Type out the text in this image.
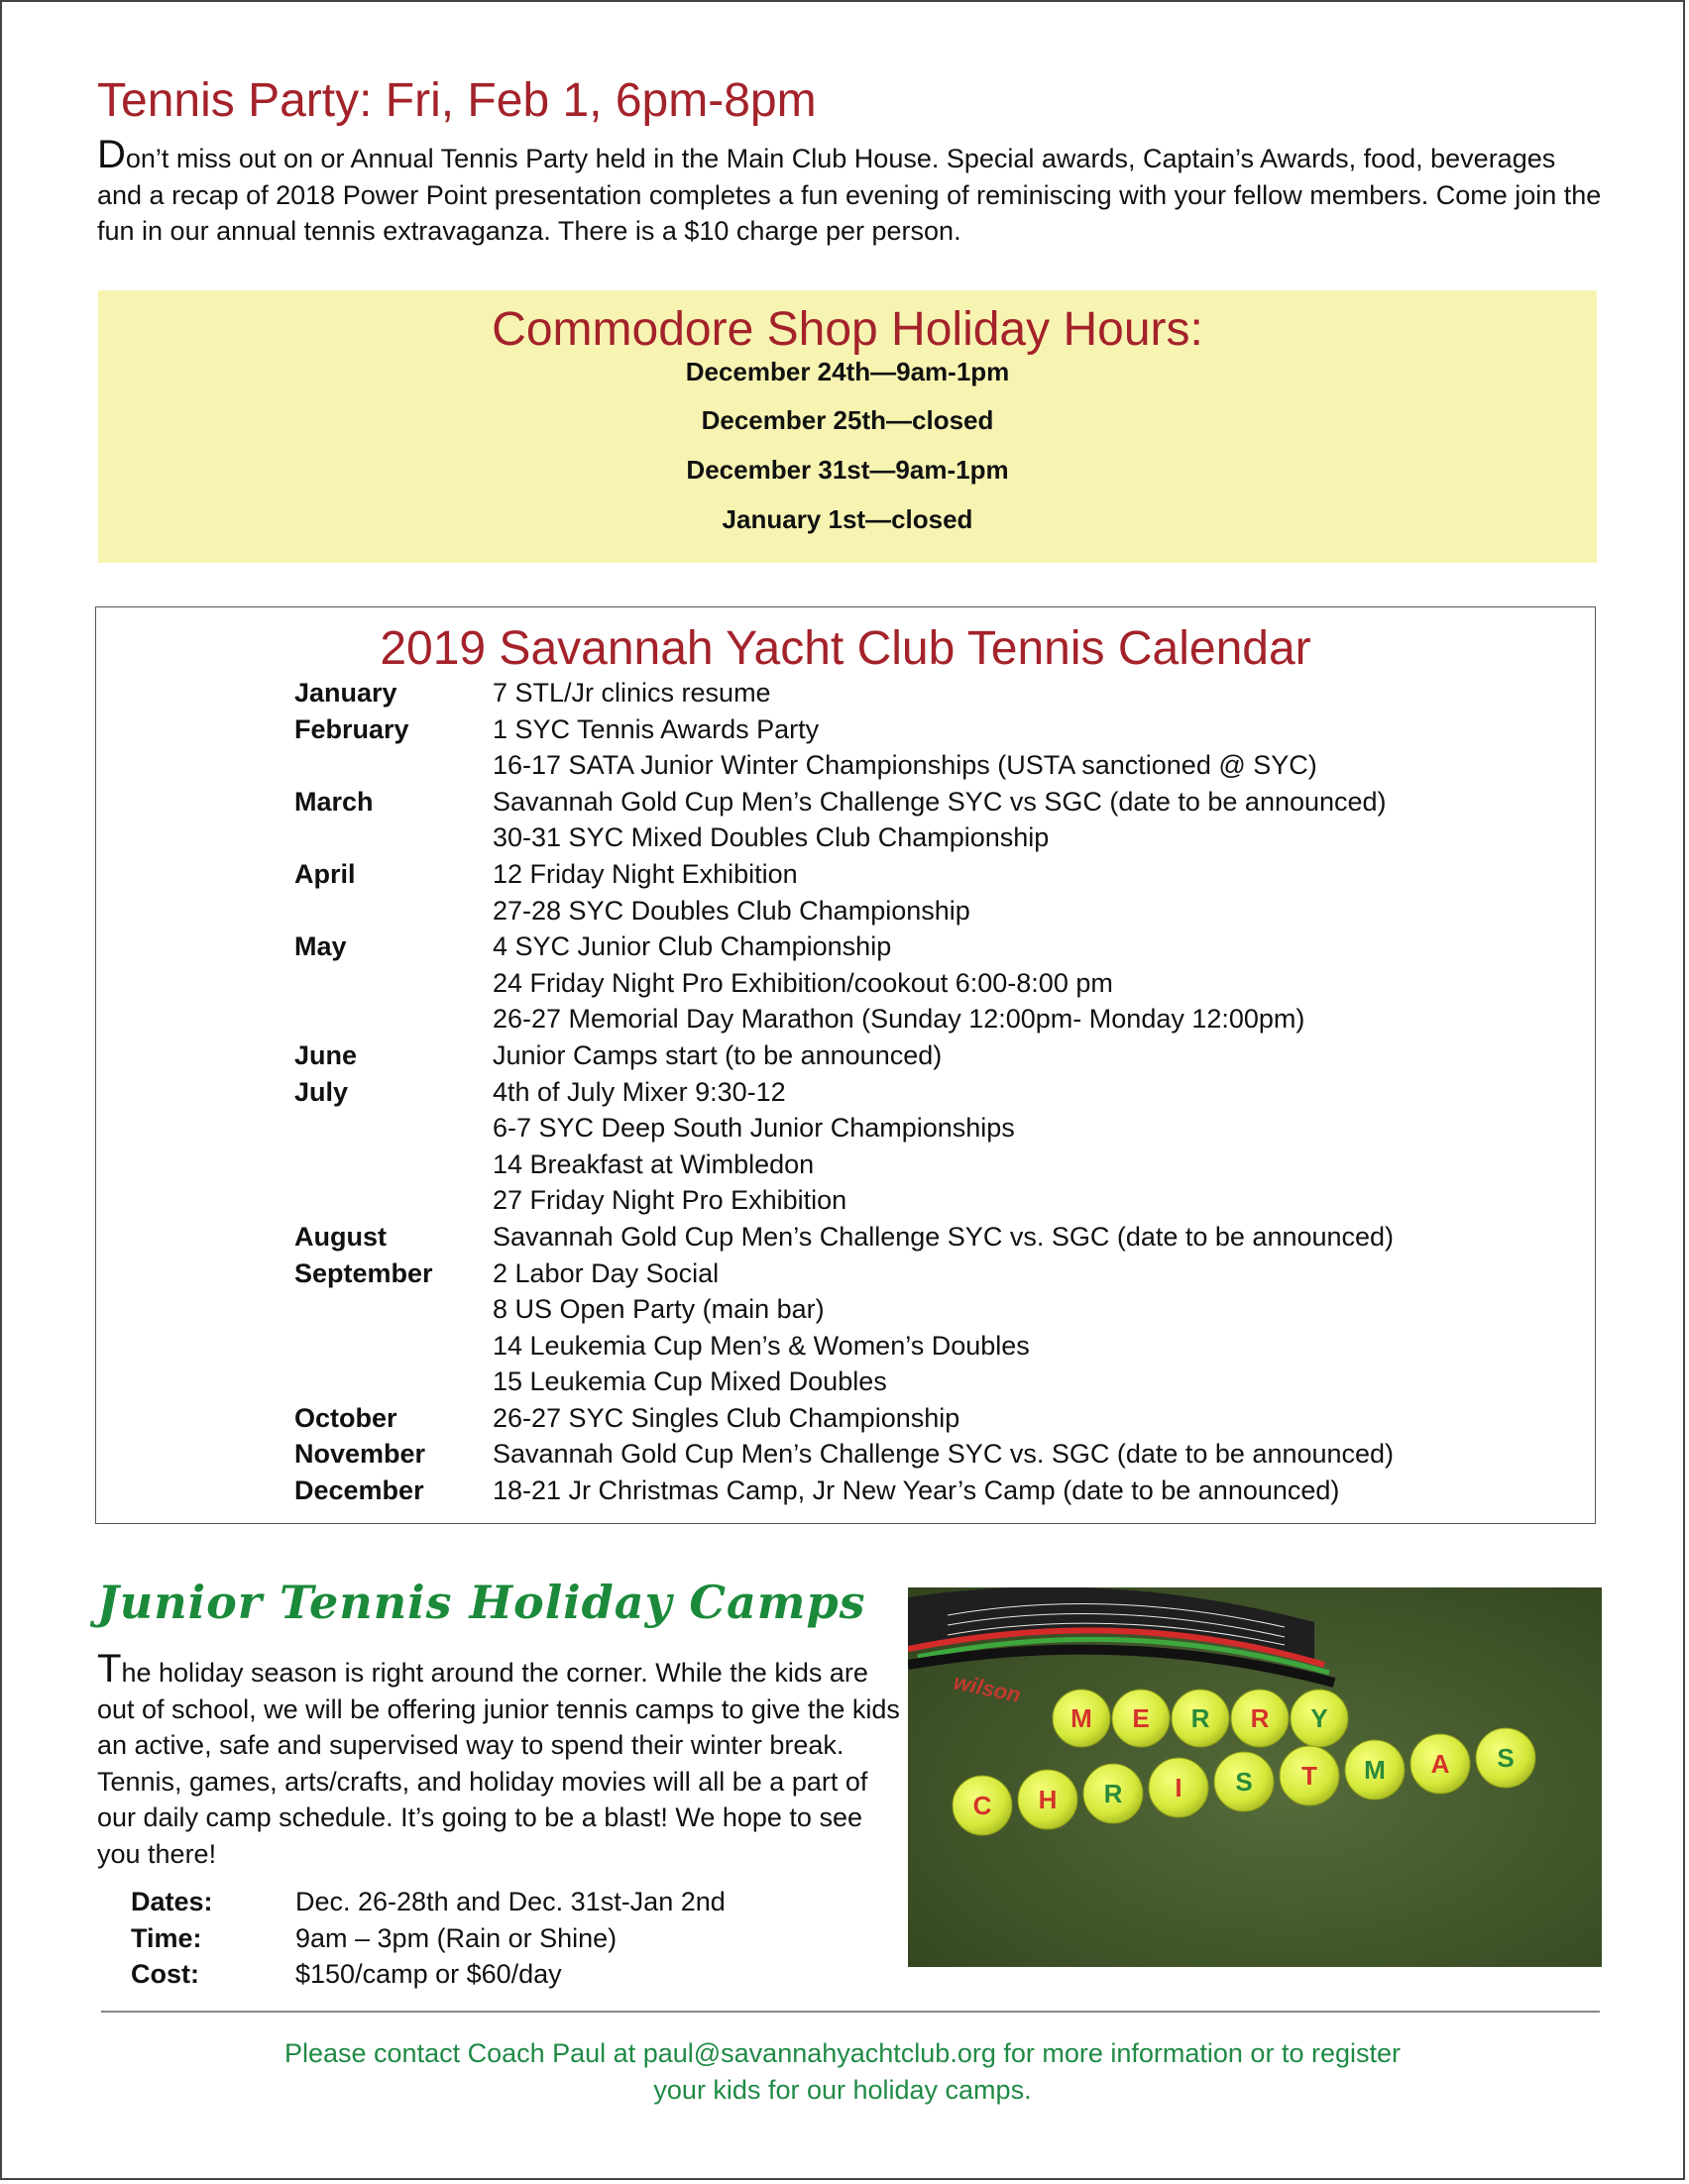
Tennis Party: Fri, Feb 1, 6pm-8pm
Don’t miss out on or Annual Tennis Party held in the Main Club House. Special awards, Captain’s Awards, food, beverages and a recap of 2018 Power Point presentation completes a fun evening of reminiscing with your fellow members. Come join the fun in our annual tennis extravaganza. There is a $10 charge per person.
Commodore Shop Holiday Hours:
December 24th—9am-1pm
December 25th—closed
December 31st—9am-1pm
January 1st—closed
2019 Savannah Yacht Club Tennis Calendar
January	7 STL/Jr clinics resume
February	1 SYC Tennis Awards Party
16-17 SATA Junior Winter Championships (USTA sanctioned @ SYC)
March	Savannah Gold Cup Men’s Challenge SYC vs SGC (date to be announced)
30-31 SYC Mixed Doubles Club Championship
April	12 Friday Night Exhibition
27-28 SYC Doubles Club Championship
May	4 SYC Junior Club Championship
24 Friday Night Pro Exhibition/cookout 6:00-8:00 pm
26-27 Memorial Day Marathon (Sunday 12:00pm- Monday 12:00pm)
June	Junior Camps start (to be announced)
July	4th of July Mixer 9:30-12
6-7 SYC Deep South Junior Championships
14 Breakfast at Wimbledon
27 Friday Night Pro Exhibition
August	Savannah Gold Cup Men’s Challenge SYC vs. SGC (date to be announced)
September	2 Labor Day Social
8 US Open Party (main bar)
14 Leukemia Cup Men’s & Women’s Doubles
15 Leukemia Cup Mixed Doubles
October	26-27 SYC Singles Club Championship
November	Savannah Gold Cup Men’s Challenge SYC vs. SGC (date to be announced)
December	18-21 Jr Christmas Camp, Jr New Year’s Camp (date to be announced)
Junior Tennis Holiday Camps
The holiday season is right around the corner. While the kids are out of school, we will be offering junior tennis camps to give the kids an active, safe and supervised way to spend their winter break. Tennis, games, arts/crafts, and holiday movies will all be a part of our daily camp schedule. It’s going to be a blast! We hope to see you there!
Dates:	Dec. 26-28th and Dec. 31st-Jan 2nd
Time:	9am – 3pm (Rain or Shine)
Cost:	$150/camp or $60/day
wilson
M E R R Y
C H R I S T M A S
Please contact Coach Paul at paul@savannahyachtclub.org for more information or to register
your kids for our holiday camps.
